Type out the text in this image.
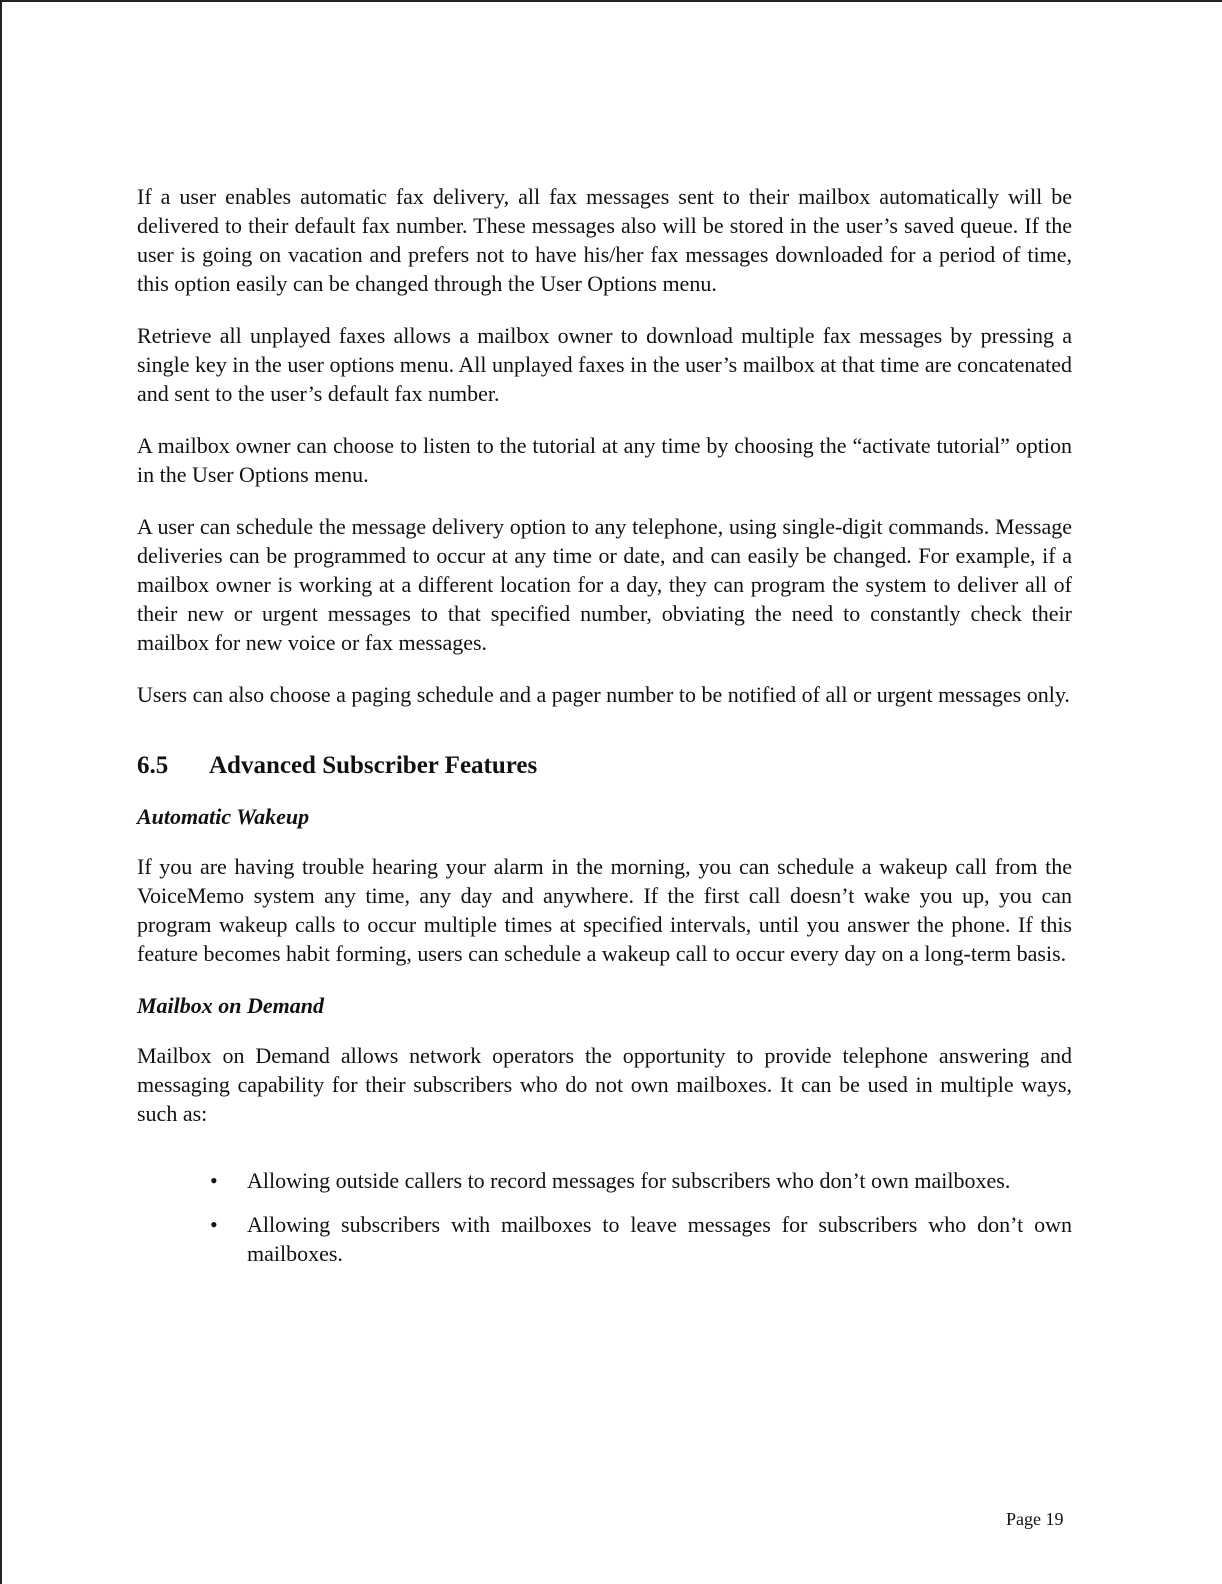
If a user enables automatic fax delivery, all fax messages sent to their mailbox automatically will be delivered to their default fax number. These messages also will be stored in the user’s saved queue. If the user is going on vacation and prefers not to have his/her fax messages downloaded for a period of time, this option easily can be changed through the User Options menu.

Retrieve all unplayed faxes allows a mailbox owner to download multiple fax messages by pressing a single key in the user options menu. All unplayed faxes in the user’s mailbox at that time are concatenated and sent to the user’s default fax number.

A mailbox owner can choose to listen to the tutorial at any time by choosing the “activate tutorial” option in the User Options menu.

A user can schedule the message delivery option to any telephone, using single-digit commands. Message deliveries can be programmed to occur at any time or date, and can easily be changed. For example, if a mailbox owner is working at a different location for a day, they can program the system to deliver all of their new or urgent messages to that specified number, obviating the need to constantly check their mailbox for new voice or fax messages.

Users can also choose a paging schedule and a pager number to be notified of all or urgent messages only.

6.5 Advanced Subscriber Features
Automatic Wakeup

If you are having trouble hearing your alarm in the morning, you can schedule a wakeup call from the VoiceMemo system any time, any day and anywhere. If the first call doesn’t wake you up, you can program wakeup calls to occur multiple times at specified intervals, until you answer the phone. If this feature becomes habit forming, users can schedule a wakeup call to occur every day on a long-term basis.

Mailbox on Demand

Mailbox on Demand allows network operators the opportunity to provide telephone answering and messaging capability for their subscribers who do not own mailboxes. It can be used in multiple ways, such as:

• Allowing outside callers to record messages for subscribers who don’t own mailboxes.
• Allowing subscribers with mailboxes to leave messages for subscribers who don’t own mailboxes.
Page 19
